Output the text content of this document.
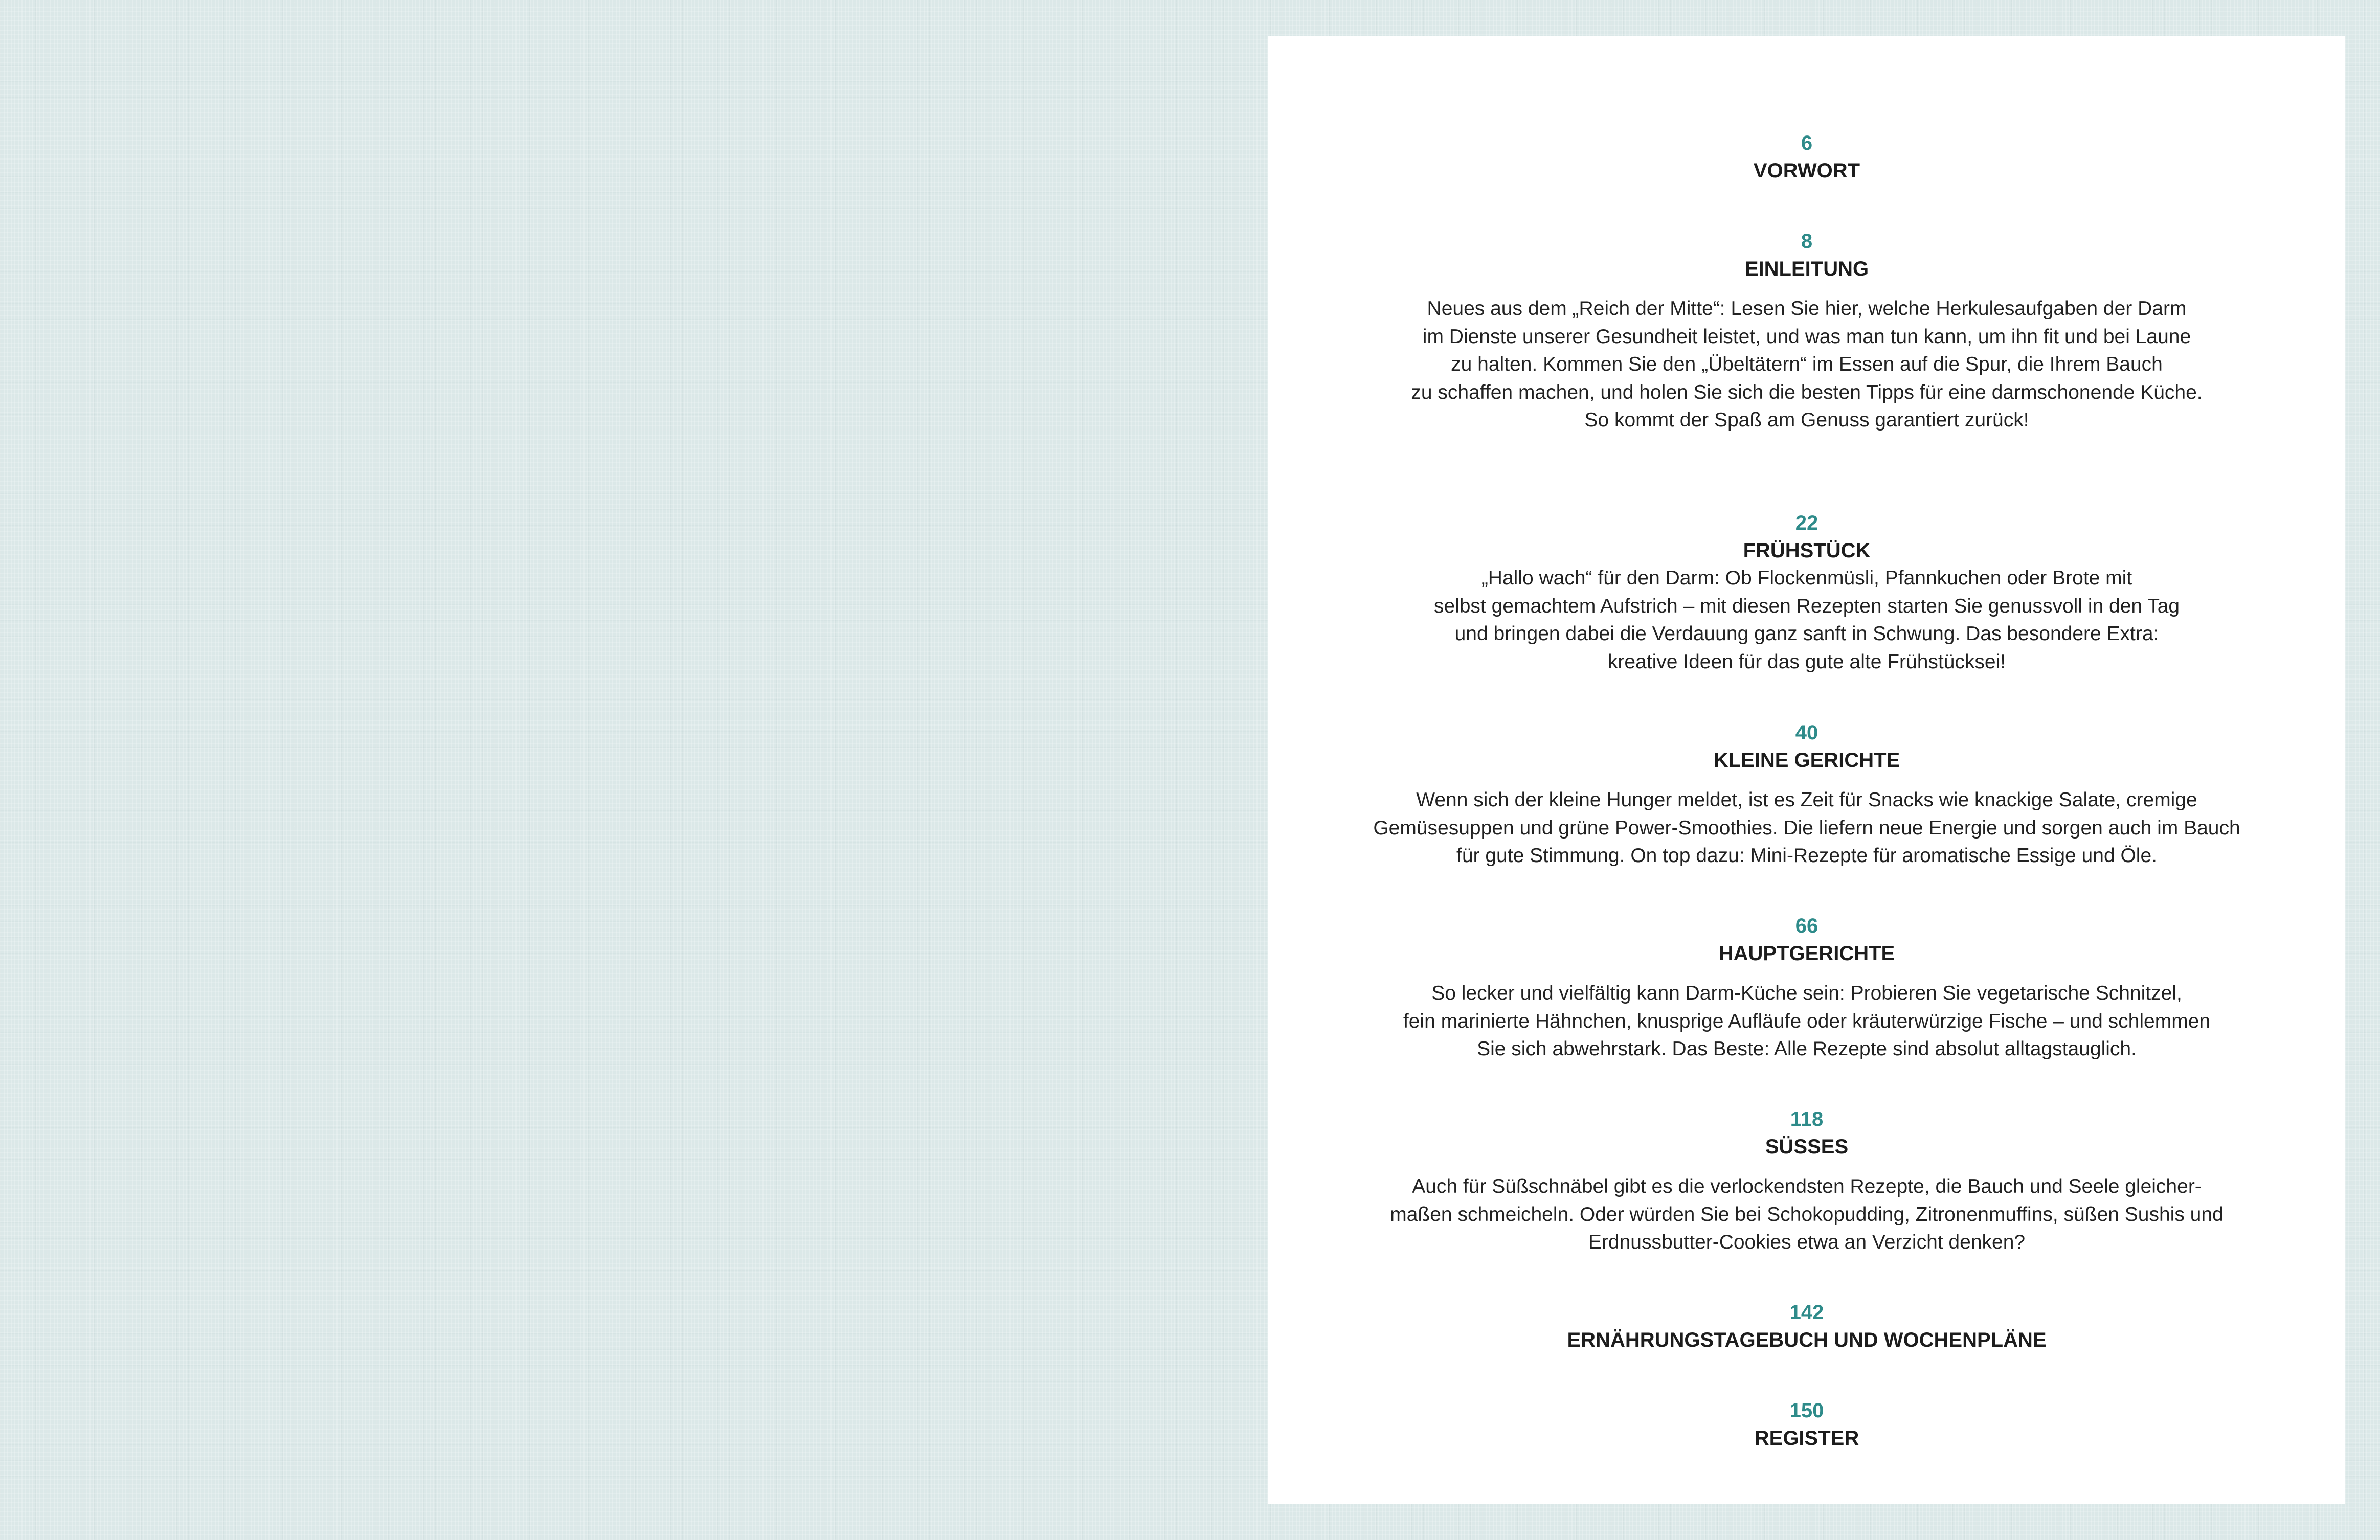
6
VORWORT
8
EINLEITUNG
Neues aus dem „Reich der Mitte“: Lesen Sie hier, welche Herkulesaufgaben der Darm
im Dienste unserer Gesundheit leistet, und was man tun kann, um ihn fit und bei Laune
zu halten. Kommen Sie den „Übeltätern“ im Essen auf die Spur, die Ihrem Bauch
zu schaffen machen, und holen Sie sich die besten Tipps für eine darmschonende Küche.
So kommt der Spaß am Genuss garantiert zurück!
22
FRÜHSTÜCK
„Hallo wach“ für den Darm: Ob Flockenmüsli, Pfannkuchen oder Brote mit
selbst gemachtem Aufstrich – mit diesen Rezepten starten Sie genussvoll in den Tag
und bringen dabei die Verdauung ganz sanft in Schwung. Das besondere Extra:
kreative Ideen für das gute alte Frühstücksei!
40
KLEINE GERICHTE
Wenn sich der kleine Hunger meldet, ist es Zeit für Snacks wie knackige Salate, cremige
Gemüsesuppen und grüne Power-Smoothies. Die liefern neue Energie und sorgen auch im Bauch
für gute Stimmung. On top dazu: Mini-Rezepte für aromatische Essige und Öle.
66
HAUPTGERICHTE
So lecker und vielfältig kann Darm-Küche sein: Probieren Sie vegetarische Schnitzel,
fein marinierte Hähnchen, knusprige Aufläufe oder kräuterwürzige Fische – und schlemmen
Sie sich abwehrstark. Das Beste: Alle Rezepte sind absolut alltagstauglich.
118
SÜSSES
Auch für Süßschnäbel gibt es die verlockendsten Rezepte, die Bauch und Seele gleicher-
maßen schmeicheln. Oder würden Sie bei Schokopudding, Zitronenmuffins, süßen Sushis und
Erdnussbutter-Cookies etwa an Verzicht denken?
142
ERNÄHRUNGSTAGEBUCH UND WOCHENPLÄNE
150
REGISTER
